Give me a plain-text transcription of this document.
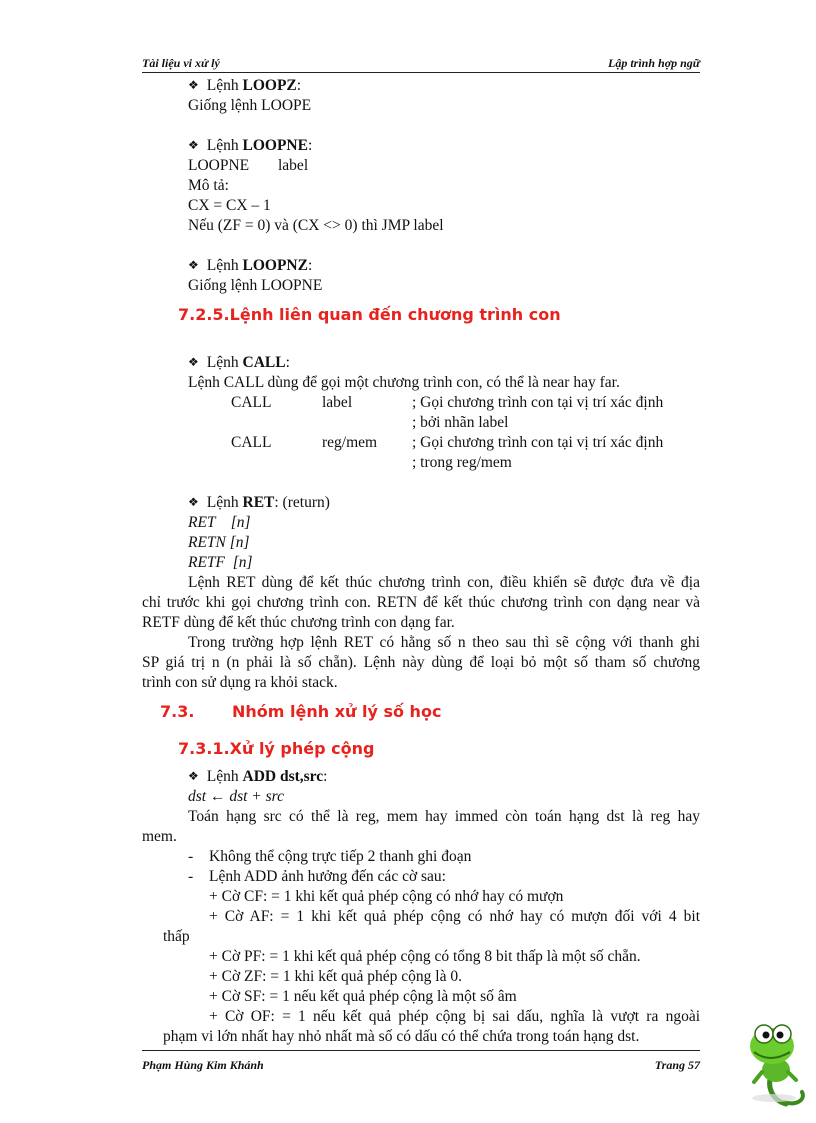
Tài liệu vi xử lý	Lập trình hợp ngữ
❖ Lệnh LOOPZ:
Giống lệnh LOOPE
❖ Lệnh LOOPNE:
LOOPNE label
Mô tả:
CX = CX – 1
Nếu (ZF = 0) và (CX <> 0) thì JMP label
❖ Lệnh LOOPNZ:
Giống lệnh LOOPNE
7.2.5.Lệnh liên quan đến chương trình con
❖ Lệnh CALL:
Lệnh CALL dùng để gọi một chương trình con, có thể là near hay far.
CALL	label	; Gọi chương trình con tại vị trí xác định
; bởi nhãn label
CALL	reg/mem ; Gọi chương trình con tại vị trí xác định
; trong reg/mem
❖ Lệnh RET: (return)
RET    [n]
RETN [n]
RETF  [n]
Lệnh RET dùng để kết thúc chương trình con, điều khiển sẽ được đưa về địa
chỉ trước khi gọi chương trình con. RETN để kết thúc chương trình con dạng near và
RETF dùng để kết thúc chương trình con dạng far.
Trong trường hợp lệnh RET có hằng số n theo sau thì sẽ cộng với thanh ghi
SP giá trị n (n phải là số chẵn). Lệnh này dùng để loại bỏ một số tham số chương
trình con sử dụng ra khỏi stack.
7.3. Nhóm lệnh xử lý số học
7.3.1.Xử lý phép cộng
❖ Lệnh ADD dst,src:
dst ← dst + src
Toán hạng src có thể là reg, mem hay immed còn toán hạng dst là reg hay
mem.
- Không thể cộng trực tiếp 2 thanh ghi đoạn
- Lệnh ADD ảnh hưởng đến các cờ sau:
+ Cờ CF: = 1 khi kết quả phép cộng có nhớ hay có mượn
+ Cờ AF: = 1 khi kết quả phép cộng có nhớ hay có mượn đối với 4 bit
thấp
+ Cờ PF: = 1 khi kết quả phép cộng có tổng 8 bit thấp là một số chẵn.
+ Cờ ZF: = 1 khi kết quả phép cộng là 0.
+ Cờ SF: = 1 nếu kết quả phép cộng là một số âm
+ Cờ OF: = 1 nếu kết quả phép cộng bị sai dấu, nghĩa là vượt ra ngoài
phạm vi lớn nhất hay nhỏ nhất mà số có dấu có thể chứa trong toán hạng dst.
Phạm Hùng Kim Khánh	Trang 57
